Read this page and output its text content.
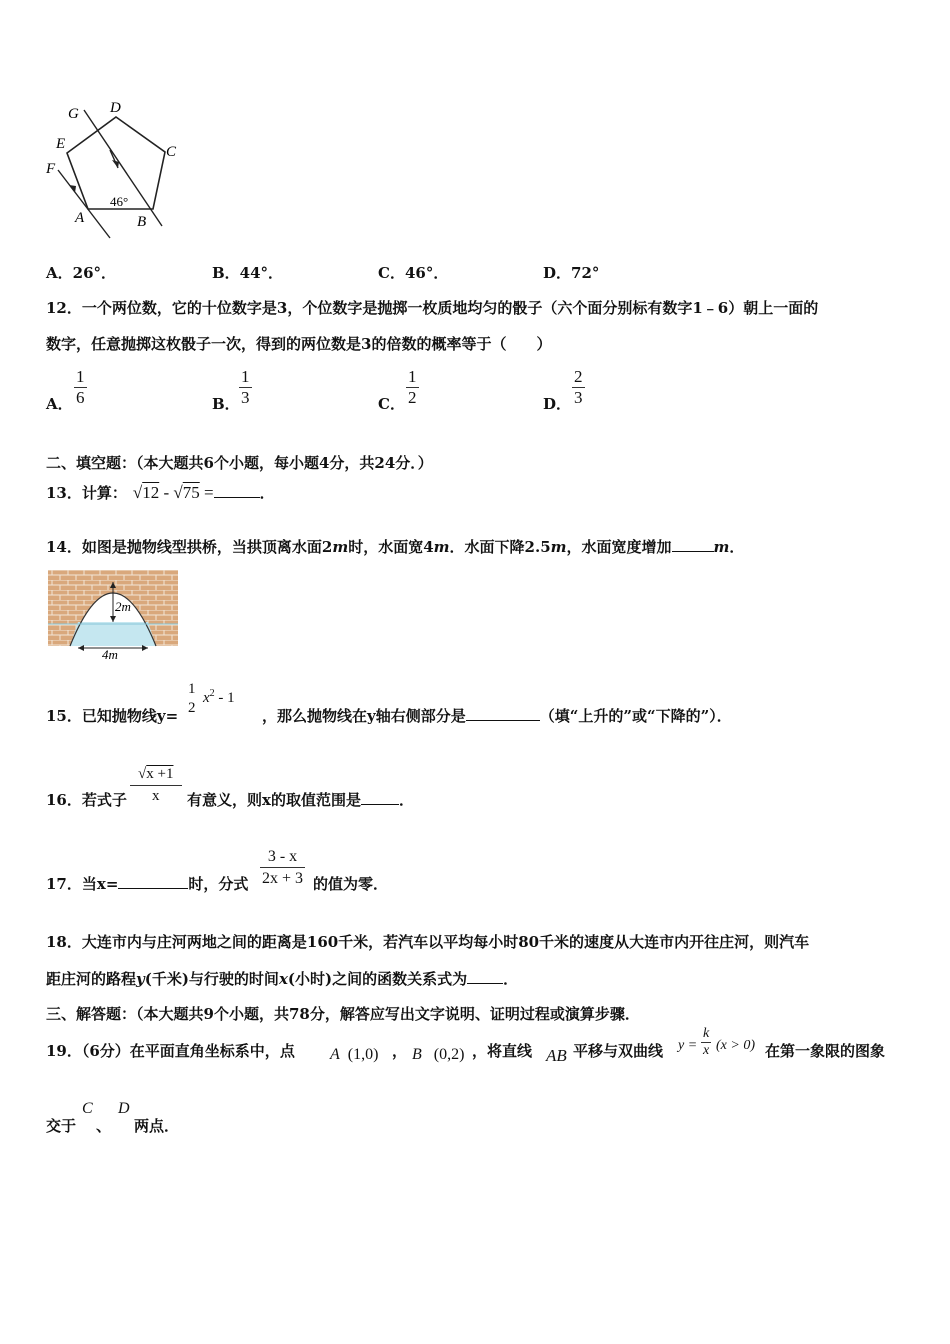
G D
C
E
F
A	B
46°
A．26°．	B．44°．	C．46°．	D．72°
12．一个两位数，它的十位数字是3，个位数字是抛掷一枚质地均匀的骰子（六个面分别标有数字1﹣6）朝上一面的
数字，任意抛掷这枚骰子一次，得到的两位数是3的倍数的概率等于（　　）
A． $\frac{1}{6}$	B． $\frac{1}{3}$	C． $\frac{1}{2}$	D． $\frac{2}{3}$
二、填空题：（本大题共6个小题，每小题4分，共24分．）
13．计算： √12 - √75 =	．
14．如图是抛物线型拱桥，当拱顶离水面2m时，水面宽4m．水面下降2.5m，水面宽度增加	m．
2m
4m
15．已知抛物线y=
1
2
$x^2 - 1$
，那么抛物线在y轴右侧部分是	（填“上升的”或“下降的”）．
16．若式子 $\frac{√x +1}{x}$ 有意义，则x的取值范围是	．
17．当x=	时，分式 $\frac{3 - x}{2x + 3}$ 的值为零．
18．大连市内与庄河两地之间的距离是160千米，若汽车以平均每小时80千米的速度从大连市内开往庄河，则汽车
距庄河的路程y(千米)与行驶的时间x(小时)之间的函数关系式为 ．
三、解答题：（本大题共9个小题，共78分，解答应写出文字说明、证明过程或演算步骤．
19．（6分）在平面直角坐标系中，点 A (1,0) ， B (0,2) ，将直线 AB 平移与双曲线 $y = \frac{k}{x} (x > 0)$ 在第一象限的图象
交于
C
、
D
两点．
